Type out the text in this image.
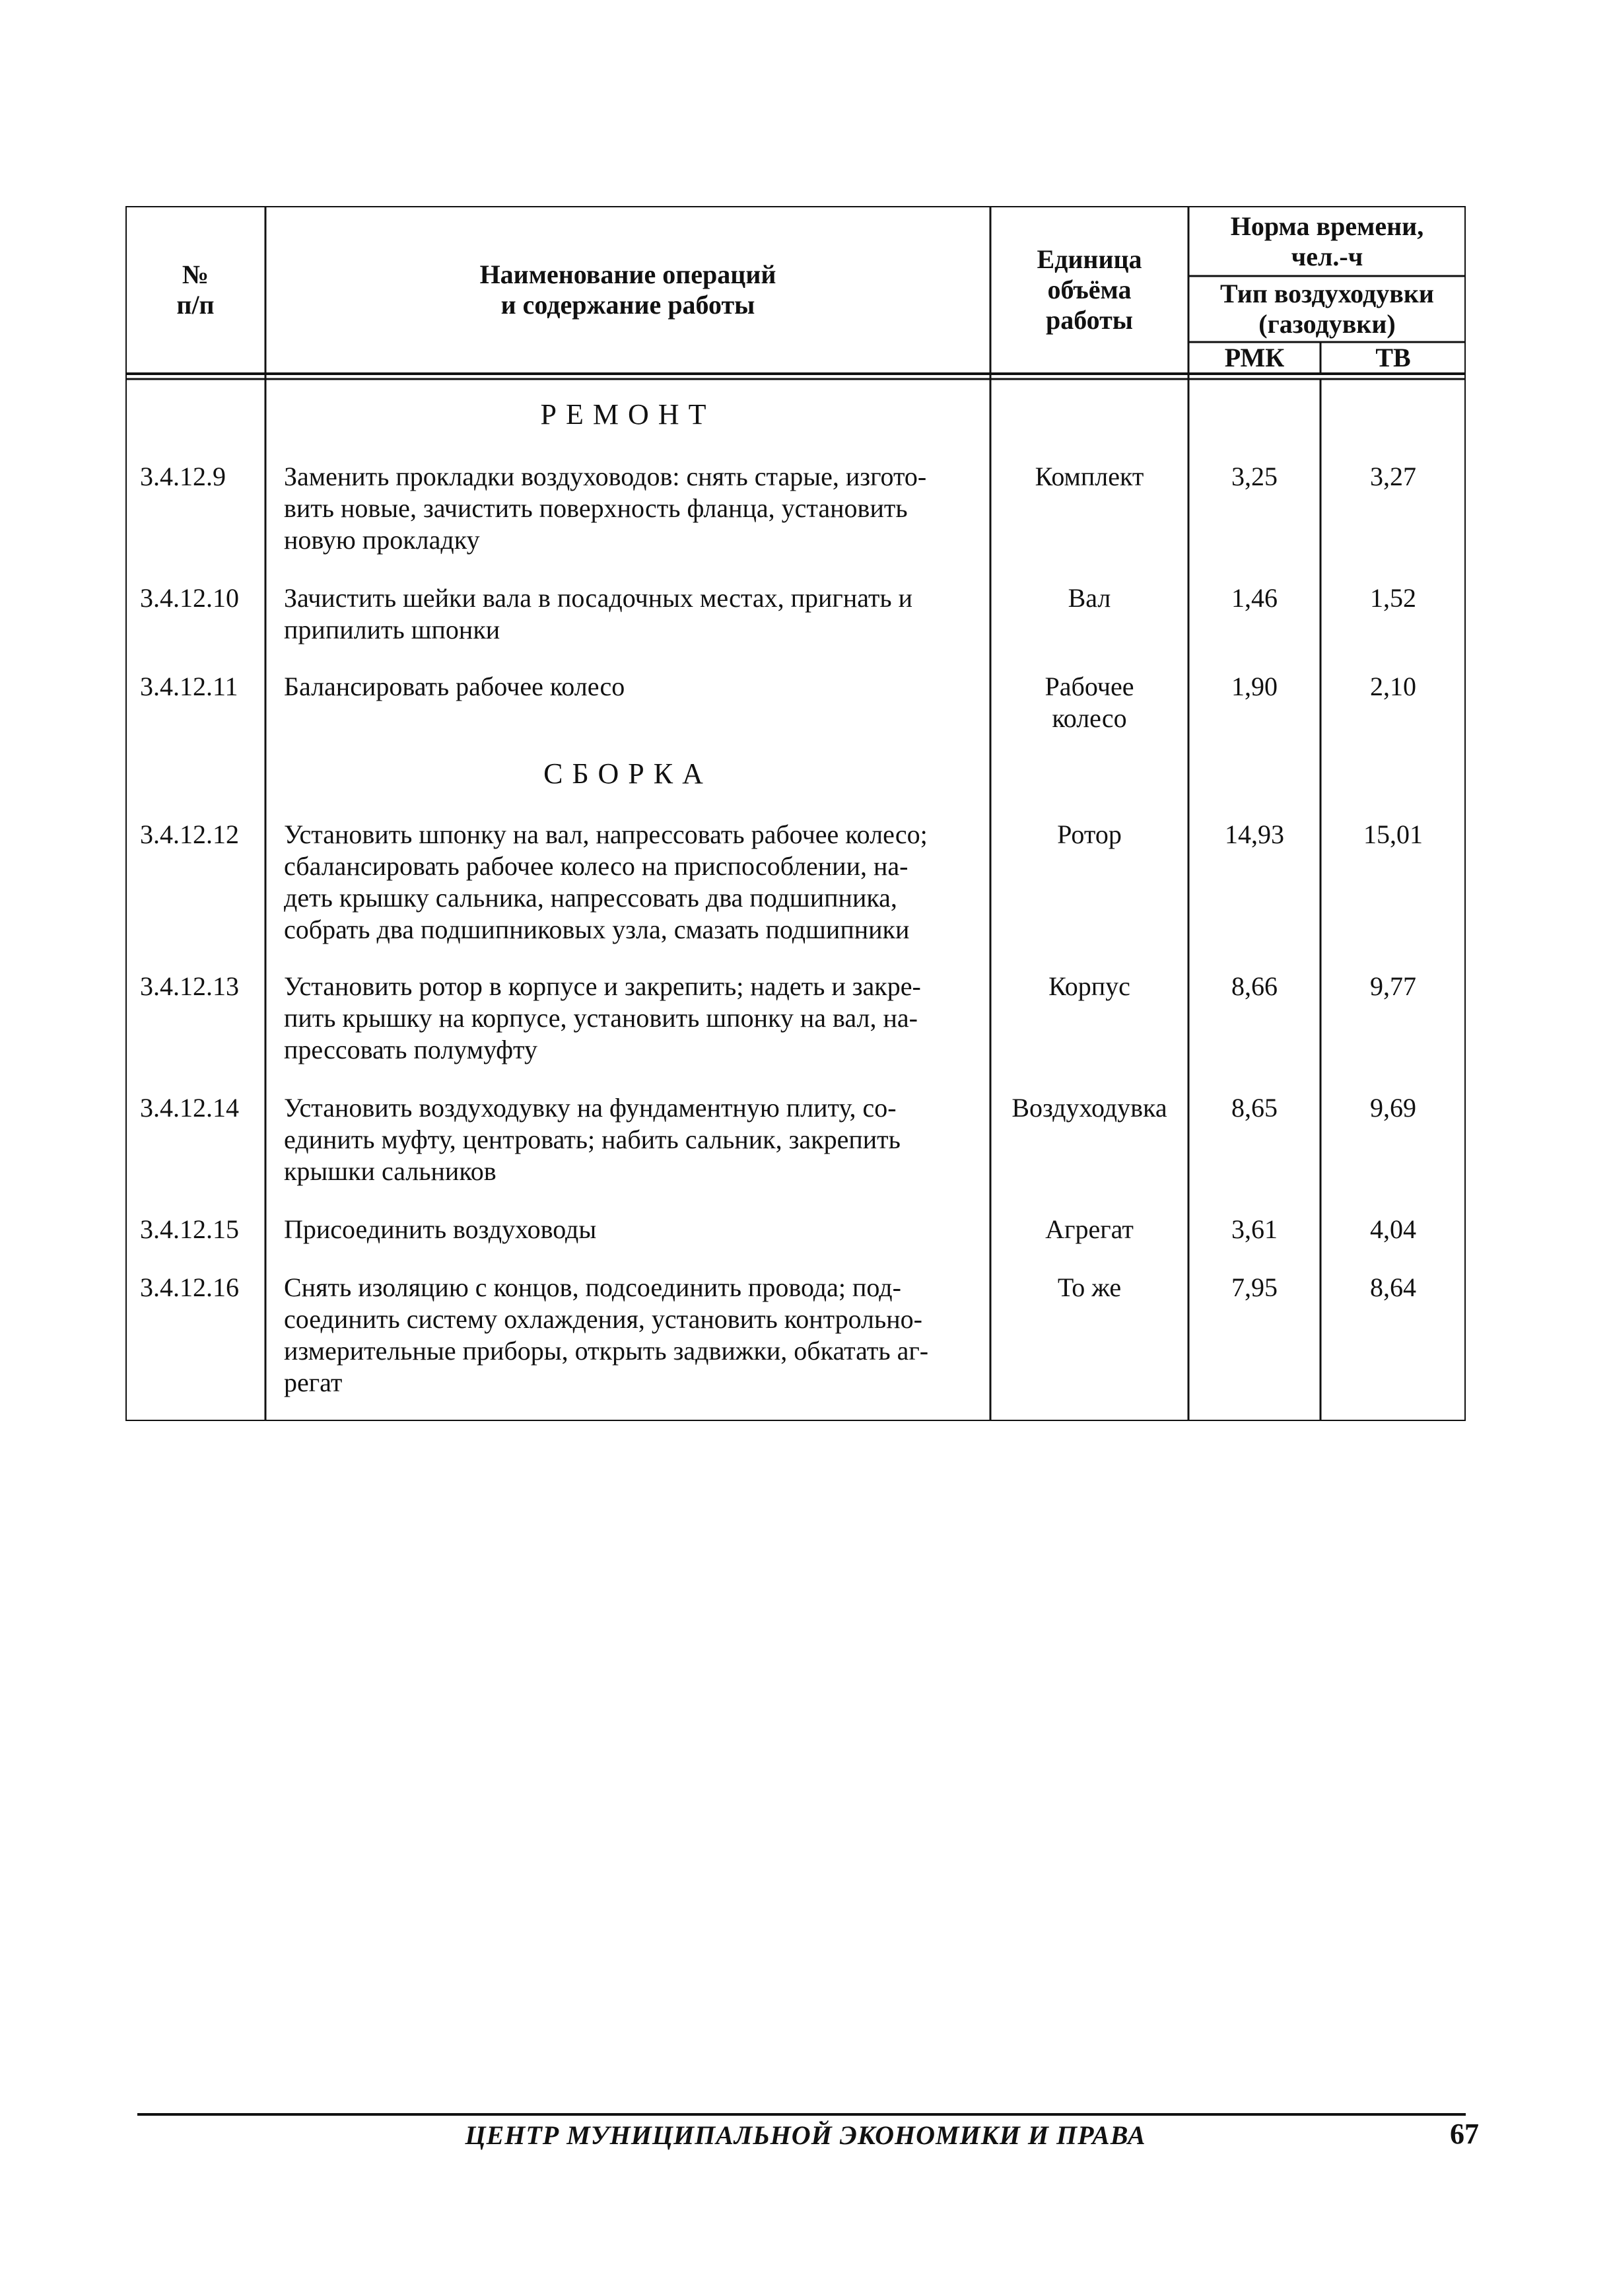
№
п/п
Наименование операций
и содержание работы
Единица
объёма
работы
Норма времени,
чел.-ч
Тип воздуходувки
(газодувки)
РМК	ТВ
РЕМОНТ
3.4.12.9	Заменить прокладки воздуховодов: снять старые, изгото-
вить новые, зачистить поверхность фланца, установить
новую прокладку
Комплект	3,25	3,27
3.4.12.10	Зачистить шейки вала в посадочных местах, пригнать и
припилить шпонки
Вал	1,46	1,52
3.4.12.11	Балансировать рабочее колесо	Рабочее
колесо
1,90	2,10
СБОРКА
3.4.12.12	Установить шпонку на вал, напрессовать рабочее колесо;
сбалансировать рабочее колесо на приспособлении, на-
деть крышку сальника, напрессовать два подшипника,
собрать два подшипниковых узла, смазать подшипники
Ротор	14,93	15,01
3.4.12.13	Установить ротор в корпусе и закрепить; надеть и закре-
пить крышку на корпусе, установить шпонку на вал, на-
прессовать полумуфту
Корпус	8,66	9,77
3.4.12.14	Установить воздуходувку на фундаментную плиту, со-
единить муфту, центровать; набить сальник, закрепить
крышки сальников
Воздуходувка	8,65	9,69
3.4.12.15	Присоединить воздуховоды	Агрегат	3,61	4,04
3.4.12.16	Снять изоляцию с концов, подсоединить провода; под-
соединить систему охлаждения, установить контрольно-
измерительные приборы, открыть задвижки, обкатать аг-
регат
То же	7,95	8,64
ЦЕНТР МУНИЦИПАЛЬНОЙ ЭКОНОМИКИ И ПРАВА	67
